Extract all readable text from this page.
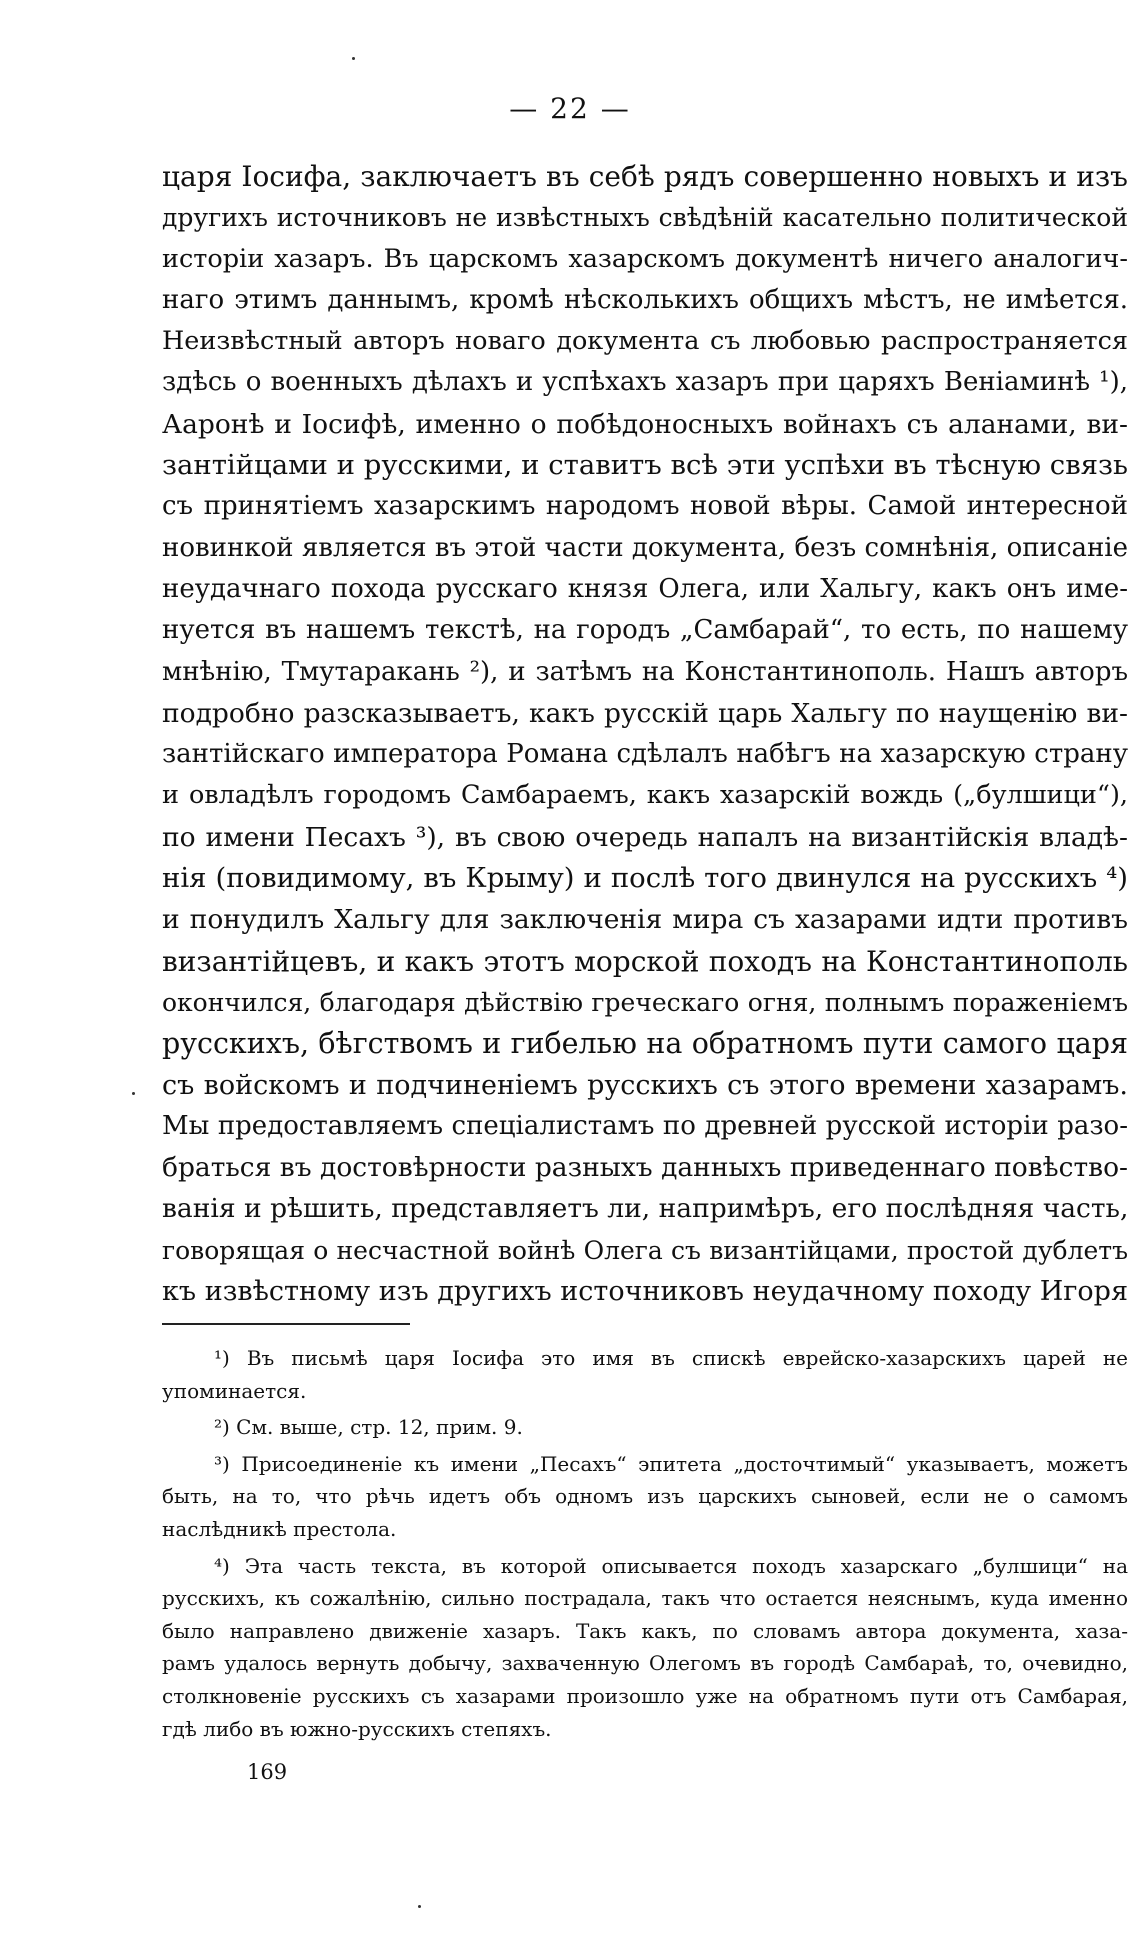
— 22 —
царя Іосифа, заключаетъ въ себѣ рядъ совершенно новыхъ и изъ
другихъ источниковъ не извѣстныхъ свѣдѣній касательно политической
исторіи хазаръ. Въ царскомъ хазарскомъ документѣ ничего аналогич-
наго этимъ даннымъ, кромѣ нѣсколькихъ общихъ мѣстъ, не имѣется.
Неизвѣстный авторъ новаго документа съ любовью распространяется
здѣсь о военныхъ дѣлахъ и успѣхахъ хазаръ при царяхъ Веніаминѣ ¹),
Ааронѣ и Іосифѣ, именно о побѣдоносныхъ войнахъ съ аланами, ви-
зантійцами и русскими, и ставитъ всѣ эти успѣхи въ тѣсную связь
съ принятіемъ хазарскимъ народомъ новой вѣры. Самой интересной
новинкой является въ этой части документа, безъ сомнѣнія, описаніе
неудачнаго похода русскаго князя Олега, или Хальгу, какъ онъ име-
нуется въ нашемъ текстѣ, на городъ „Самбарай“, то есть, по нашему
мнѣнію, Тмутаракань ²), и затѣмъ на Константинополь. Нашъ авторъ
подробно разсказываетъ, какъ русскій царь Хальгу по наущенію ви-
зантійскаго императора Романа сдѣлалъ набѣгъ на хазарскую страну
и овладѣлъ городомъ Самбараемъ, какъ хазарскій вождь („булшици“),
по имени Песахъ ³), въ свою очередь напалъ на византійскія владѣ-
нія (повидимому, въ Крыму) и послѣ того двинулся на русскихъ ⁴)
и понудилъ Хальгу для заключенія мира съ хазарами идти противъ
византійцевъ, и какъ этотъ морской походъ на Константинополь
окончился, благодаря дѣйствію греческаго огня, полнымъ пораженіемъ
русскихъ, бѣгствомъ и гибелью на обратномъ пути самого царя
съ войскомъ и подчиненіемъ русскихъ съ этого времени хазарамъ.
Мы предоставляемъ спеціалистамъ по древней русской исторіи разо-
браться въ достовѣрности разныхъ данныхъ приведеннаго повѣство-
ванія и рѣшить, представляетъ ли, напримѣръ, его послѣдняя часть,
говорящая о несчастной войнѣ Олега съ византійцами, простой дублетъ
къ извѣстному изъ другихъ источниковъ неудачному походу Игоря
¹) Въ письмѣ царя Іосифа это имя въ спискѣ еврейско-хазарскихъ царей не
упоминается.
²) См. выше, стр. 12, прим. 9.
³) Присоединеніе къ имени „Песахъ“ эпитета „досточтимый“ указываетъ, можетъ
быть, на то, что рѣчь идетъ объ одномъ изъ царскихъ сыновей, если не о самомъ
наслѣдникѣ престола.
⁴) Эта часть текста, въ которой описывается походъ хазарскаго „булшици“ на
русскихъ, къ сожалѣнію, сильно пострадала, такъ что остается неяснымъ, куда именно
было направлено движеніе хазаръ. Такъ какъ, по словамъ автора документа, хаза-
рамъ удалось вернуть добычу, захваченную Олегомъ въ городѣ Самбараѣ, то, очевидно,
столкновеніе русскихъ съ хазарами произошло уже на обратномъ пути отъ Самбарая,
гдѣ либо въ южно-русскихъ степяхъ.
169
